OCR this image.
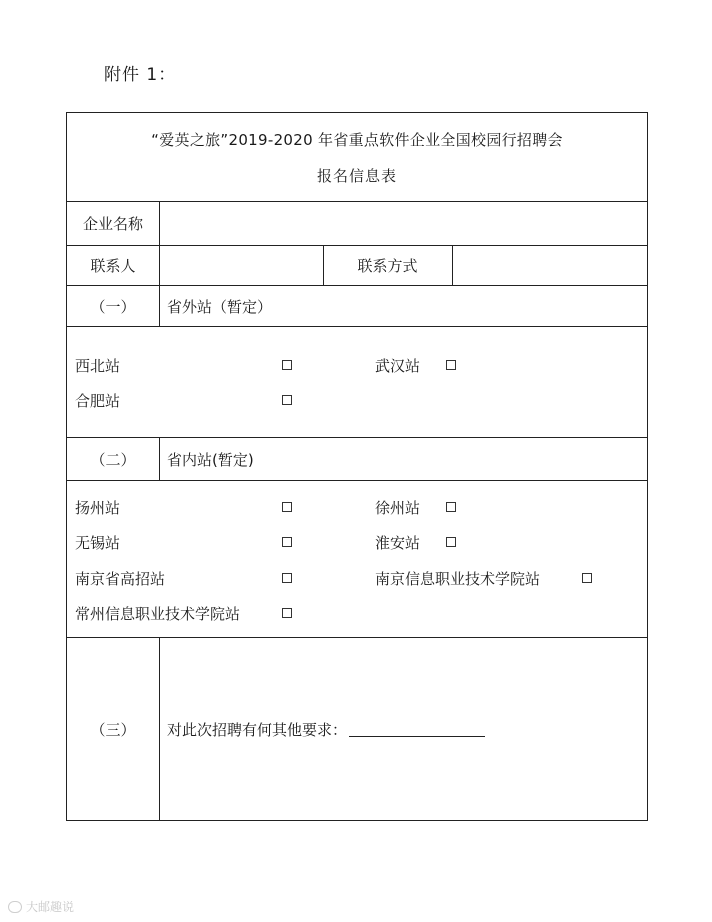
附件 1：
“爱英之旅”2019-2020 年省重点软件企业全国校园行招聘会
报名信息表
企业名称
联系人	联系方式
（一）	省外站（暂定）
西北站	武汉站
合肥站
（二）	省内站(暂定)
扬州站	徐州站
无锡站	淮安站
南京省高招站	南京信息职业技术学院站
常州信息职业技术学院站
（三）	对此次招聘有何其他要求：
大邮趣说
